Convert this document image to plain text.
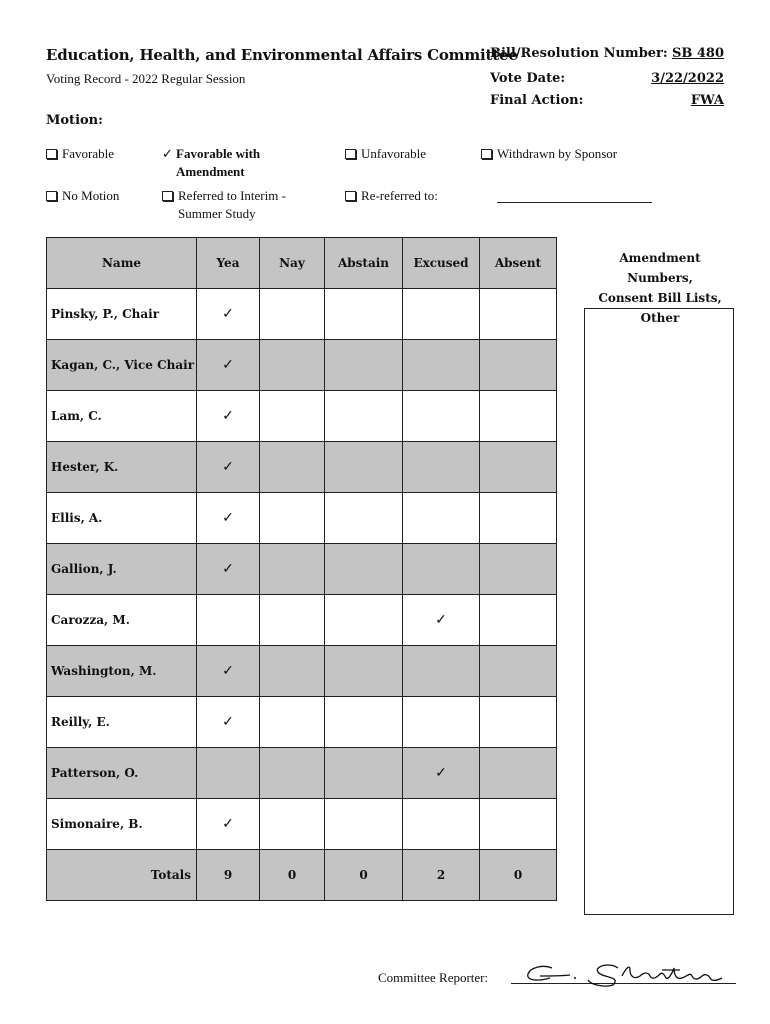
Education, Health, and Environmental Affairs Committee
Voting Record - 2022 Regular Session
Bill/Resolution Number: SB 480
Vote Date:	3/22/2022
Final Action:	FWA
Motion:
Favorable	✓ Favorable with
Amendment
Unfavorable	Withdrawn by Sponsor
No Motion	Referred to Interim -
Summer Study
Re-referred to:
Name	Yea	Nay	Abstain	Excused	Absent
Pinsky, P., Chair	✓				
Kagan, C., Vice Chair	✓				
Lam, C.	✓				
Hester, K.	✓				
Ellis, A.	✓				
Gallion, J.	✓				
Carozza, M.				✓	
Washington, M.	✓				
Reilly, E.	✓				
Patterson, O.				✓	
Simonaire, B.	✓				
Totals	9	0	0	2	0
Amendment Numbers,
Consent Bill Lists,
Other
Committee Reporter:
